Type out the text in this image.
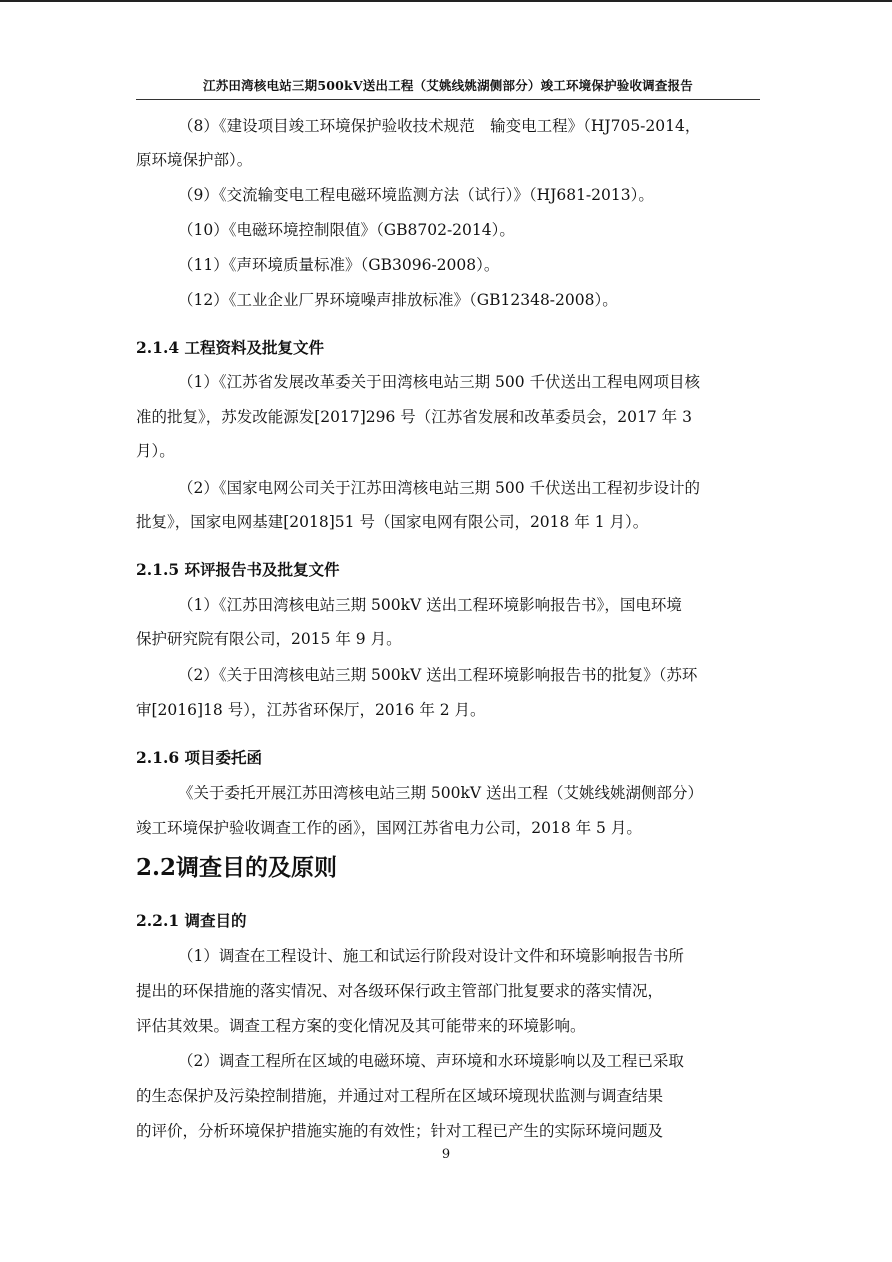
江苏田湾核电站三期500kV送出工程（艾姚线姚湖侧部分）竣工环境保护验收调查报告
（8）《建设项目竣工环境保护验收技术规范　输变电工程》（HJ705-2014，
原环境保护部）。
（9）《交流输变电工程电磁环境监测方法（试行）》（HJ681-2013）。
（10）《电磁环境控制限值》（GB8702-2014）。
（11）《声环境质量标准》（GB3096-2008）。
（12）《工业企业厂界环境噪声排放标准》（GB12348-2008）。
2.1.4 工程资料及批复文件
（1）《江苏省发展改革委关于田湾核电站三期 500 千伏送出工程电网项目核
准的批复》，苏发改能源发[2017]296 号（江苏省发展和改革委员会，2017 年 3
月）。
（2）《国家电网公司关于江苏田湾核电站三期 500 千伏送出工程初步设计的
批复》，国家电网基建[2018]51 号（国家电网有限公司，2018 年 1 月）。
2.1.5 环评报告书及批复文件
（1）《江苏田湾核电站三期 500kV 送出工程环境影响报告书》，国电环境
保护研究院有限公司，2015 年 9 月。
（2）《关于田湾核电站三期 500kV 送出工程环境影响报告书的批复》（苏环
审[2016]18 号），江苏省环保厅，2016 年 2 月。
2.1.6 项目委托函
《关于委托开展江苏田湾核电站三期 500kV 送出工程（艾姚线姚湖侧部分）
竣工环境保护验收调查工作的函》，国网江苏省电力公司，2018 年 5 月。
2.2调查目的及原则
2.2.1 调查目的
（1）调查在工程设计、施工和试运行阶段对设计文件和环境影响报告书所
提出的环保措施的落实情况、对各级环保行政主管部门批复要求的落实情况，
评估其效果。调查工程方案的变化情况及其可能带来的环境影响。
（2）调查工程所在区域的电磁环境、声环境和水环境影响以及工程已采取
的生态保护及污染控制措施，并通过对工程所在区域环境现状监测与调查结果
的评价，分析环境保护措施实施的有效性；针对工程已产生的实际环境问题及
9
